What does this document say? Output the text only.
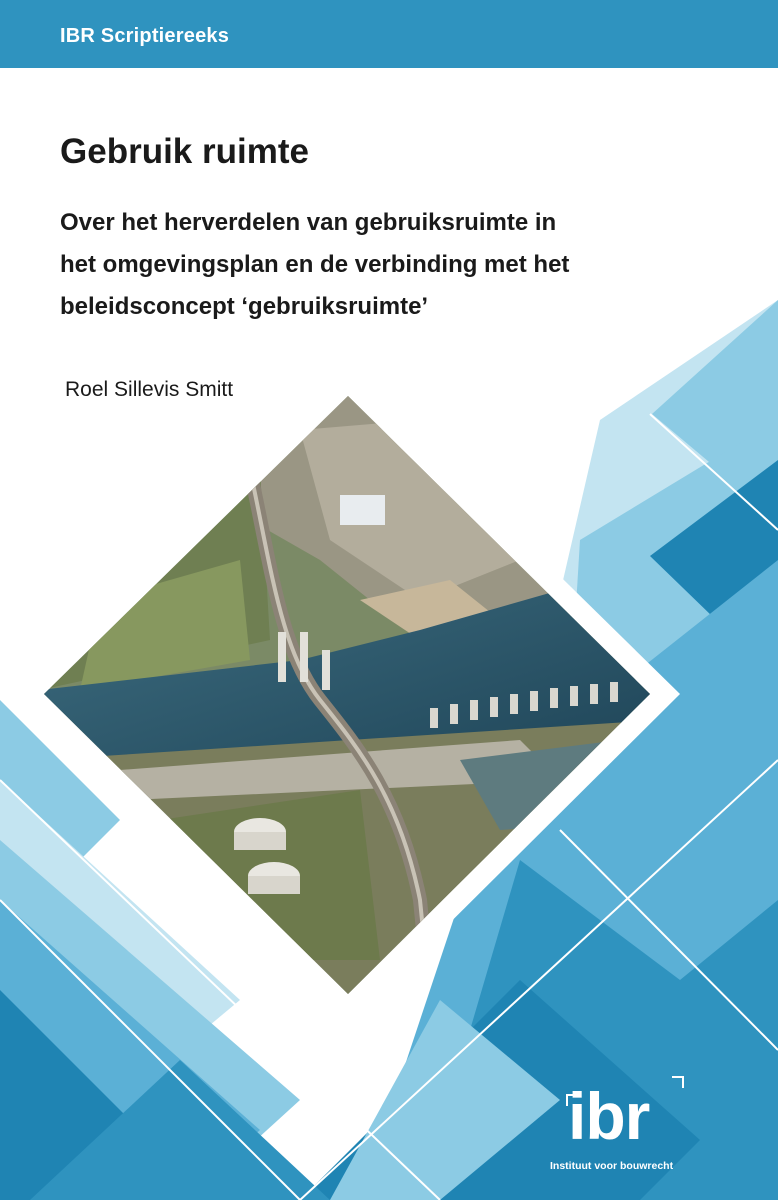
IBR Scriptiereeks
Gebruik ruimte
Over het herverdelen van gebruiksruimte in
het omgevingsplan en de verbinding met het
beleidsconcept ‘gebruiksruimte’
Roel Sillevis Smitt
ibr
Instituut voor bouwrecht
